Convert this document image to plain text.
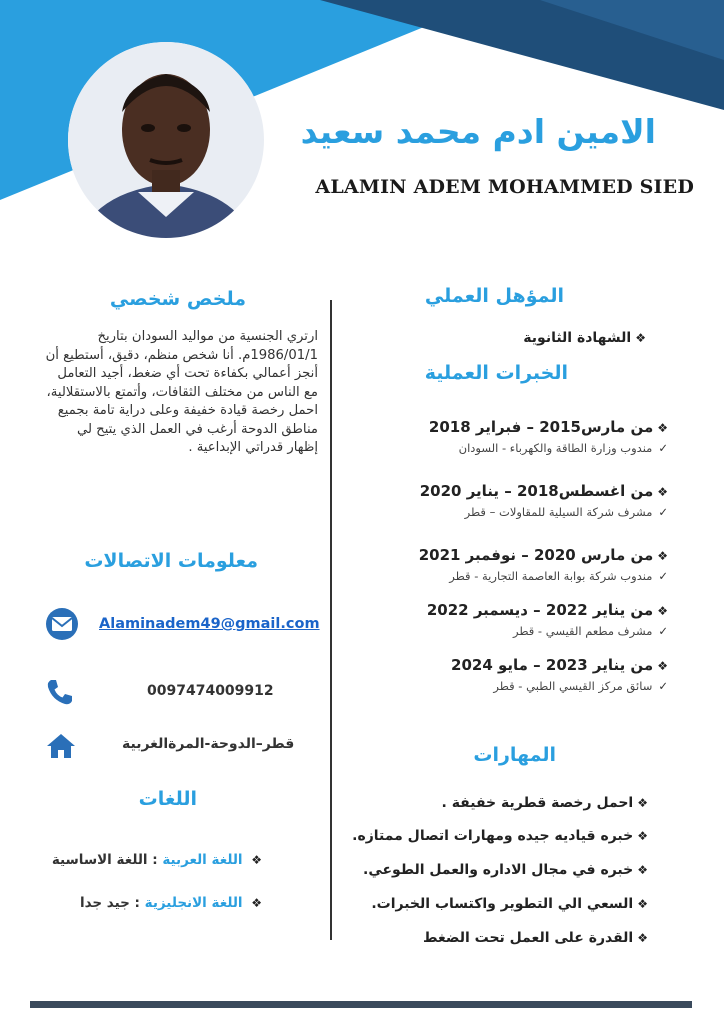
الامين ادم محمد سعيد
ALAMIN ADEM MOHAMMED SIED
ملخص شخصي
ارتري الجنسية من مواليد السودان بتاريخ
1986/01/1م. أنا شخص منظم، دقيق، أستطيع أن
أنجز أعمالي بكفاءة تحت أي ضغط، أجيد التعامل
مع الناس من مختلف الثقافات، وأتمتع بالاستقلالية،
احمل رخصة قيادة خفيفة وعلى دراية تامة بجميع
مناطق الدوحة أرغب في العمل الذي يتيح لي
إظهار قدراتي الإبداعية .
معلومات الاتصالات
Alaminadem49@gmail.com
0097474009912
قطر–الدوحة-المرةالغربية
اللغات
❖ اللغة العربية : اللغة الاساسية
❖ اللغة الانجليزية : جيد جدا
المؤهل العملي
❖الشهادة الثانوية
الخبرات العملية
❖من مارس2015 – فبراير 2018
✓مندوب وزارة الطاقة والكهرباء - السودان
❖من اغسطس2018 – يناير 2020
✓مشرف شركة السيلية للمقاولات – قطر
❖من مارس 2020 – نوفمبر 2021
✓مندوب شركة بوابة العاصمة التجارية - قطر
❖من يناير 2022 – ديسمبر 2022
✓مشرف مطعم القيسي - قطر
❖من يناير 2023 – مايو 2024
✓سائق مركز القيسي الطبي - قطر
المهارات
❖احمل رخصة قطرية خفيفة .
❖خبره قياديه جيده ومهارات اتصال ممتازه.
❖خبره في مجال الاداره والعمل الطوعي.
❖السعي الي التطوير واكتساب الخبرات.
❖القدرة على العمل تحت الضغط
